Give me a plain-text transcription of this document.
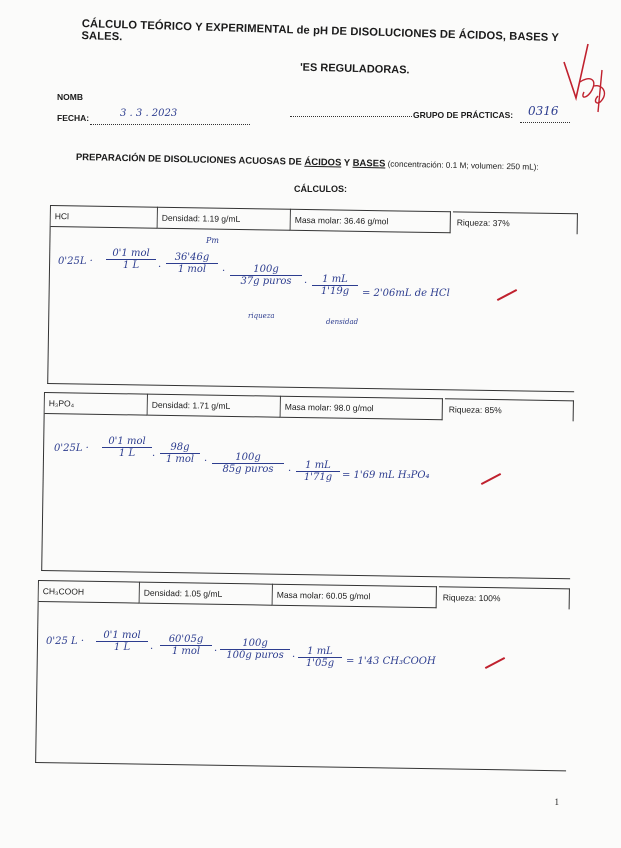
CÁLCULO TEÓRICO Y EXPERIMENTAL de pH DE DISOLUCIONES DE ÁCIDOS, BASES Y SALES.
'ES REGULADORAS.
NOMB
FECHA:	3 . 3 . 2023	GRUPO DE PRÁCTICAS: 0316
PREPARACIÓN DE DISOLUCIONES ACUOSAS DE ÁCIDOS Y BASES (concentración: 0.1 M; volumen: 250 mL):
CÁLCULOS:
HCl	Densidad: 1.19 g/mL	Masa molar: 36.46 g/mol	Riqueza: 37%
0'25L ·
0'1 mol
1 L	·
Pm
36'46g
1 mol	·	100g
37g puros
riqueza
· $\frac{1 mL}{1'19g}$
densidad
= 2'06mL de HCl
H₃PO₄	Densidad: 1.71 g/mL	Masa molar: 98.0 g/mol	Riqueza: 85%
0'25L ·
0'1 mol
1 L	·
98g
1 mol ·	100g
85g puros	· $\frac{1 mL}{1'71g} = 1'69$ mL H₃PO₄
CH₃COOH	Densidad: 1.05 g/mL	Masa molar: 60.05 g/mol	Riqueza: 100%
0'25 L ·
0'1 mol
1 L	·
60'05g
1 mol	·
100g
100g puros · $\frac{1 mL}{1'05g} = 1'43$ CH₃COOH
1
